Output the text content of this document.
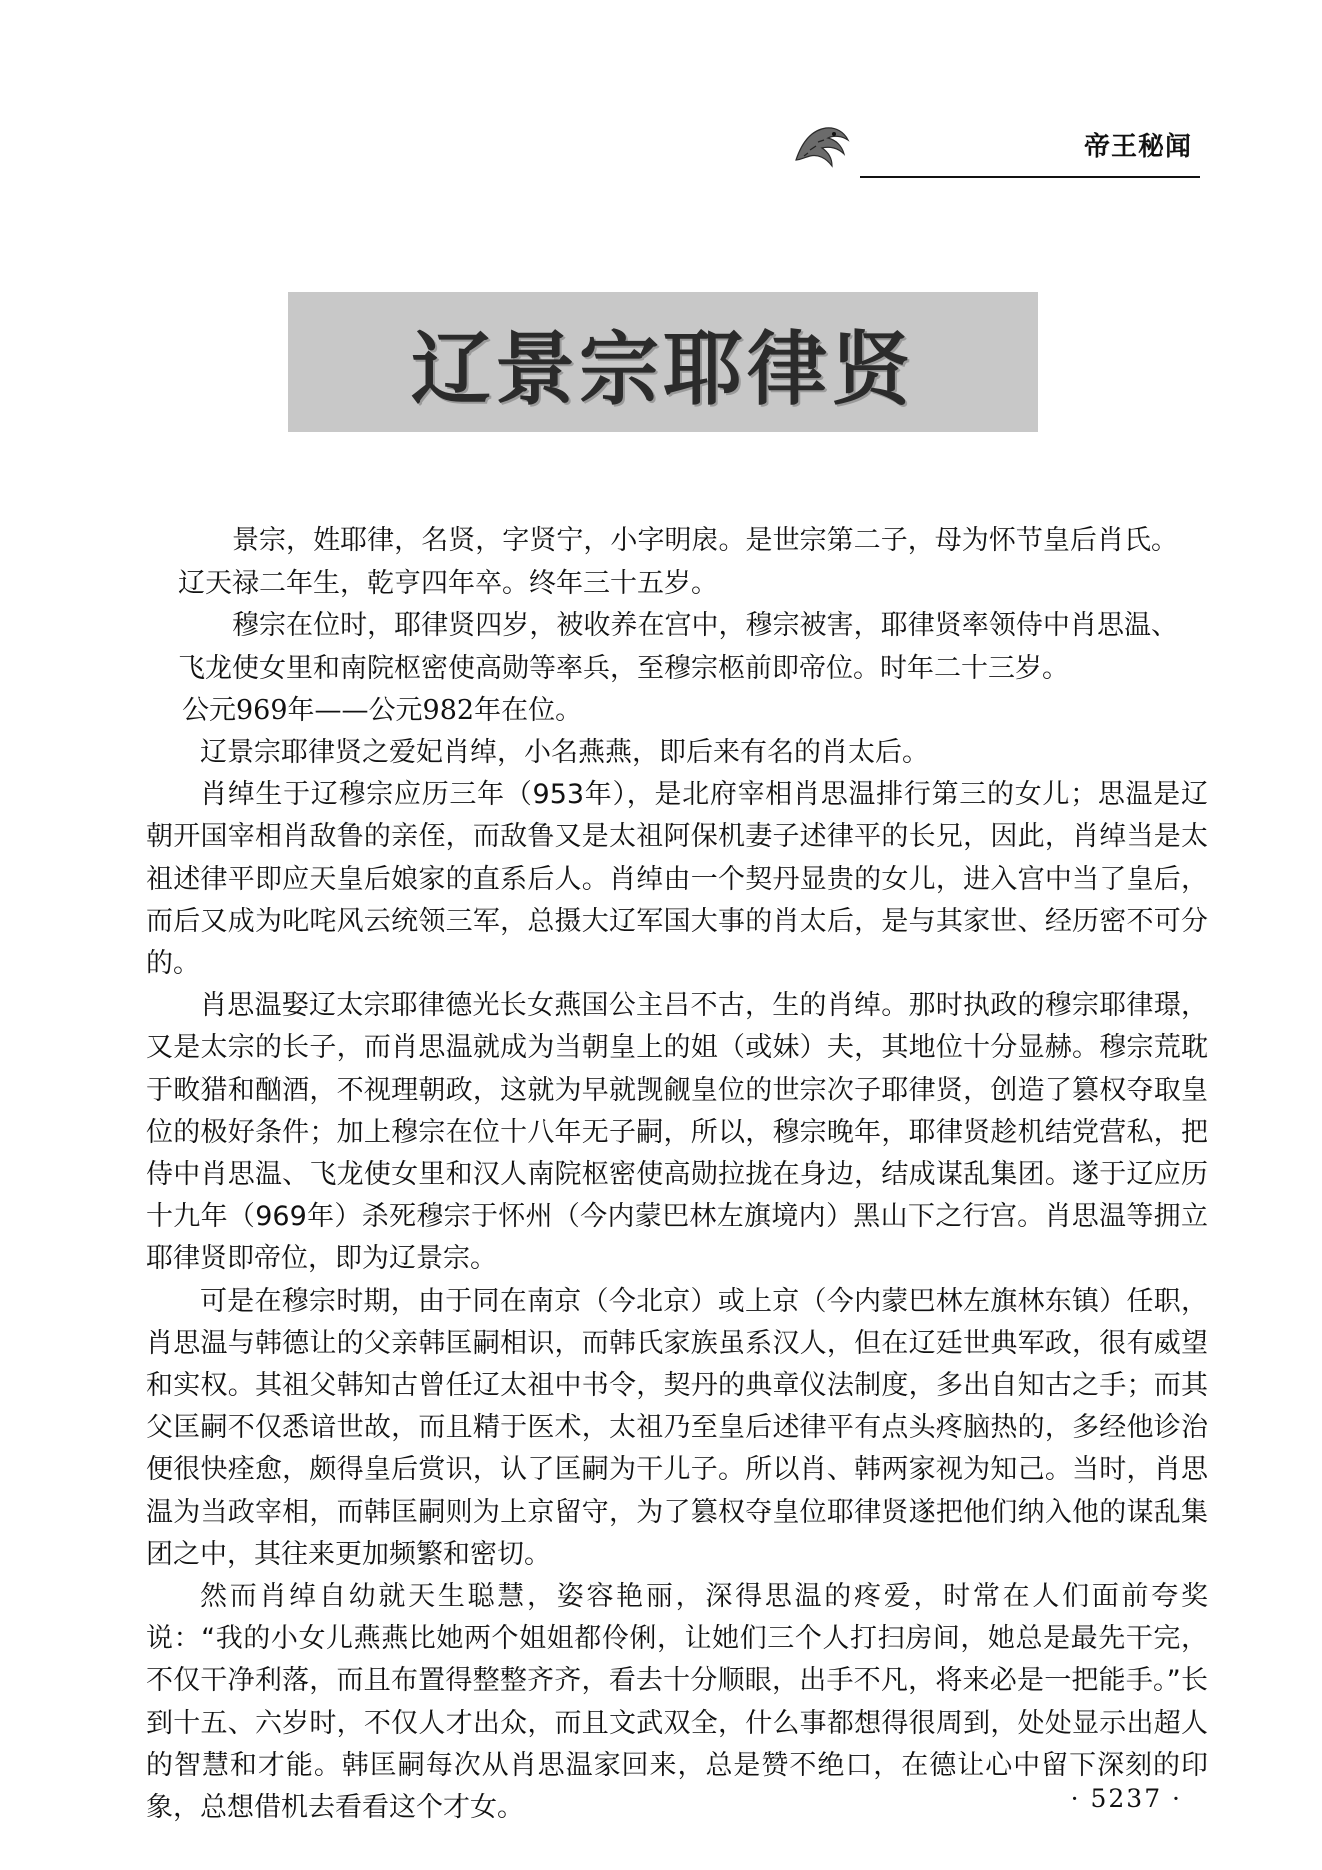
帝王秘闻
辽景宗耶律贤

景宗，姓耶律，名贤，字贤宁，小字明扆。是世宗第二子，母为怀节皇后肖氏。辽天禄二年生，乾亨四年卒。终年三十五岁。

穆宗在位时，耶律贤四岁，被收养在宫中，穆宗被害，耶律贤率领侍中肖思温、飞龙使女里和南院枢密使高勋等率兵，至穆宗柩前即帝位。时年二十三岁。

公元969年——公元982年在位。

辽景宗耶律贤之爱妃肖绰，小名燕燕，即后来有名的肖太后。

肖绰生于辽穆宗应历三年（953年），是北府宰相肖思温排行第三的女儿；思温是辽朝开国宰相肖敌鲁的亲侄，而敌鲁又是太祖阿保机妻子述律平的长兄，因此，肖绰当是太祖述律平即应天皇后娘家的直系后人。肖绰由一个契丹显贵的女儿，进入宫中当了皇后，而后又成为叱咤风云统领三军，总摄大辽军国大事的肖太后，是与其家世、经历密不可分的。

肖思温娶辽太宗耶律德光长女燕国公主吕不古，生的肖绰。那时执政的穆宗耶律璟，又是太宗的长子，而肖思温就成为当朝皇上的姐（或妹）夫，其地位十分显赫。穆宗荒耽于畋猎和酗酒，不视理朝政，这就为早就觊觎皇位的世宗次子耶律贤，创造了篡权夺取皇位的极好条件；加上穆宗在位十八年无子嗣，所以，穆宗晚年，耶律贤趁机结党营私，把侍中肖思温、飞龙使女里和汉人南院枢密使高勋拉拢在身边，结成谋乱集团。遂于辽应历十九年（969年）杀死穆宗于怀州（今内蒙巴林左旗境内）黑山下之行宫。肖思温等拥立耶律贤即帝位，即为辽景宗。

可是在穆宗时期，由于同在南京（今北京）或上京（今内蒙巴林左旗林东镇）任职，肖思温与韩德让的父亲韩匡嗣相识，而韩氏家族虽系汉人，但在辽廷世典军政，很有威望和实权。其祖父韩知古曾任辽太祖中书令，契丹的典章仪法制度，多出自知古之手；而其父匡嗣不仅悉谙世故，而且精于医术，太祖乃至皇后述律平有点头疼脑热的，多经他诊治便很快痊愈，颇得皇后赏识，认了匡嗣为干儿子。所以肖、韩两家视为知己。当时，肖思温为当政宰相，而韩匡嗣则为上京留守，为了篡权夺皇位耶律贤遂把他们纳入他的谋乱集团之中，其往来更加频繁和密切。

然而肖绰自幼就天生聪慧，姿容艳丽，深得思温的疼爱，时常在人们面前夸奖说：“我的小女儿燕燕比她两个姐姐都伶俐，让她们三个人打扫房间，她总是最先干完，不仅干净利落，而且布置得整整齐齐，看去十分顺眼，出手不凡，将来必是一把能手。”长到十五、六岁时，不仅人才出众，而且文武双全，什么事都想得很周到，处处显示出超人的智慧和才能。韩匡嗣每次从肖思温家回来，总是赞不绝口，在德让心中留下深刻的印象，总想借机去看看这个才女。	· 5237 ·
